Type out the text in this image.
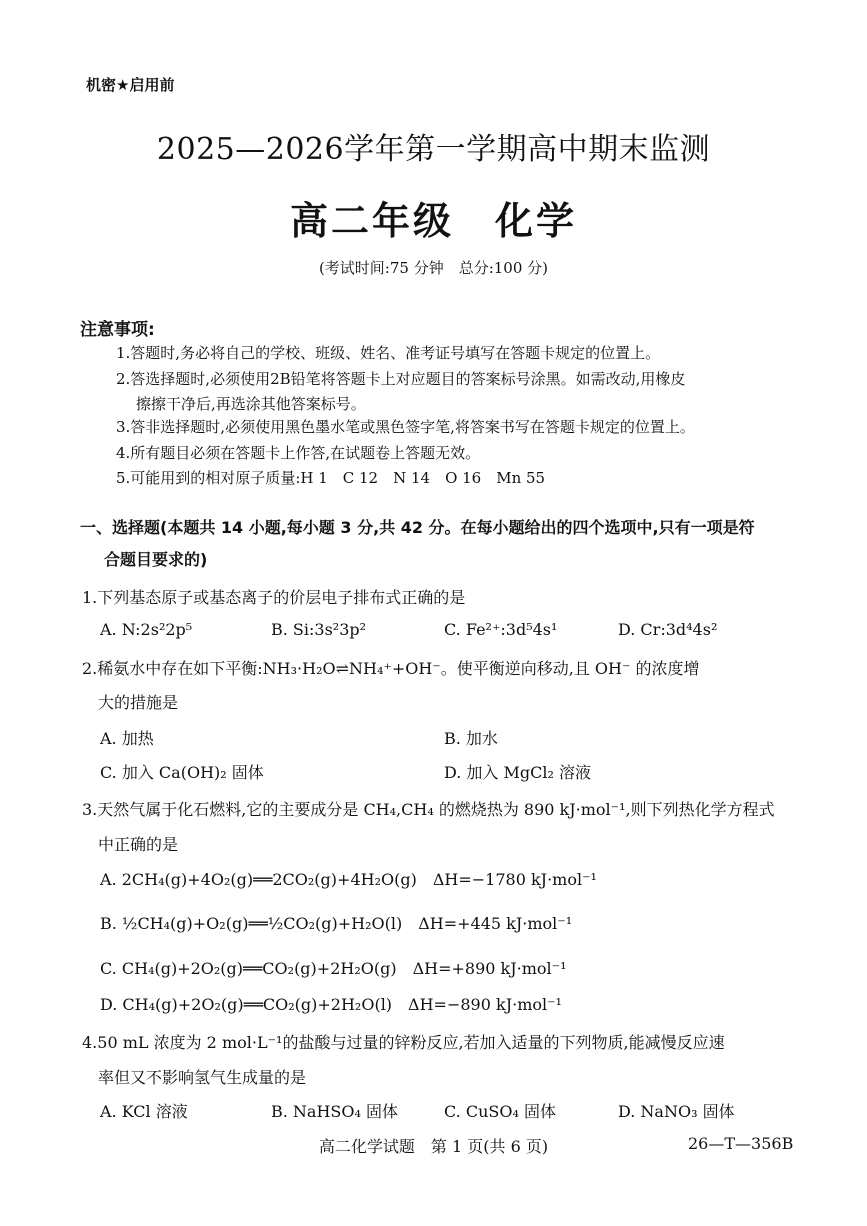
机密★启用前
2025—2026学年第一学期高中期末监测
高二年级　化学
(考试时间:75 分钟　总分:100 分)
注意事项:
1.答题时,务必将自己的学校、班级、姓名、准考证号填写在答题卡规定的位置上。
2.答选择题时,必须使用2B铅笔将答题卡上对应题目的答案标号涂黑。如需改动,用橡皮
擦擦干净后,再选涂其他答案标号。
3.答非选择题时,必须使用黑色墨水笔或黑色签字笔,将答案书写在答题卡规定的位置上。
4.所有题目必须在答题卡上作答,在试题卷上答题无效。
5.可能用到的相对原子质量:H 1　C 12　N 14　O 16　Mn 55
一、选择题(本题共 14 小题,每小题 3 分,共 42 分。在每小题给出的四个选项中,只有一项是符
合题目要求的)
1.下列基态原子或基态离子的价层电子排布式正确的是
A. N:2s²2p⁵	B. Si:3s²3p²	C. Fe²⁺:3d⁵4s¹	D. Cr:3d⁴4s²
2.稀氨水中存在如下平衡:NH₃·H₂O⇌NH₄⁺+OH⁻。使平衡逆向移动,且 OH⁻ 的浓度增
大的措施是
A. 加热	B. 加水
C. 加入 Ca(OH)₂ 固体	D. 加入 MgCl₂ 溶液
3.天然气属于化石燃料,它的主要成分是 CH₄,CH₄ 的燃烧热为 890 kJ·mol⁻¹,则下列热化学方程式
中正确的是
A. 2CH₄(g)+4O₂(g)══2CO₂(g)+4H₂O(g)　ΔH=−1780 kJ·mol⁻¹
B. ½CH₄(g)+O₂(g)══½CO₂(g)+H₂O(l)　ΔH=+445 kJ·mol⁻¹
C. CH₄(g)+2O₂(g)══CO₂(g)+2H₂O(g)　ΔH=+890 kJ·mol⁻¹
D. CH₄(g)+2O₂(g)══CO₂(g)+2H₂O(l)　ΔH=−890 kJ·mol⁻¹
4.50 mL 浓度为 2 mol·L⁻¹的盐酸与过量的锌粉反应,若加入适量的下列物质,能减慢反应速
率但又不影响氢气生成量的是
A. KCl 溶液	B. NaHSO₄ 固体	C. CuSO₄ 固体	D. NaNO₃ 固体
高二化学试题　第 1 页(共 6 页)	26—T—356B
